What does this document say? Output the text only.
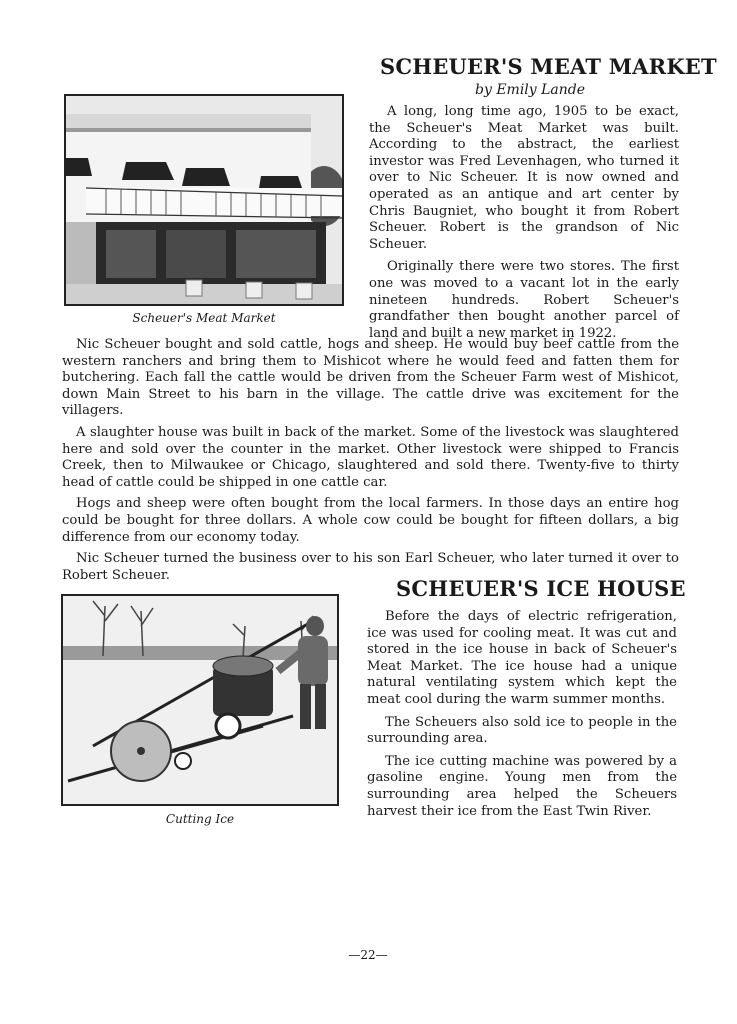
SCHEUER'S MEAT MARKET
by Emily Lande
Scheuer's Meat Market

A long, long time ago, 1905 to be exact, the Scheuer's Meat Market was built. According to the abstract, the earliest investor was Fred Levenhagen, who turned it over to Nic Scheuer. It is now owned and operated as an antique and art center by Chris Baugniet, who bought it from Robert Scheuer. Robert is the grandson of Nic Scheuer.

Originally there were two stores. The first one was moved to a vacant lot in the early nineteen hundreds. Robert Scheuer's grandfather then bought another parcel of land and built a new market in 1922.

Nic Scheuer bought and sold cattle, hogs and sheep. He would buy beef cattle from the western ranchers and bring them to Mishicot where he would feed and fatten them for butchering. Each fall the cattle would be driven from the Scheuer Farm west of Mishicot, down Main Street to his barn in the village. The cattle drive was excitement for the villagers.

A slaughter house was built in back of the market. Some of the livestock was slaughtered here and sold over the counter in the market. Other livestock were shipped to Francis Creek, then to Milwaukee or Chicago, slaughtered and sold there. Twenty-five to thirty head of cattle could be shipped in one cattle car.

Hogs and sheep were often bought from the local farmers. In those days an entire hog could be bought for three dollars. A whole cow could be bought for fifteen dollars, a big difference from our economy today.

Nic Scheuer turned the business over to his son Earl Scheuer, who later turned it over to Robert Scheuer.

SCHEUER'S ICE HOUSE
Cutting Ice

Before the days of electric refrigeration, ice was used for cooling meat. It was cut and stored in the ice house in back of Scheuer's Meat Market. The ice house had a unique natural ventilating system which kept the meat cool during the warm summer months.

The Scheuers also sold ice to people in the surrounding area.

The ice cutting machine was powered by a gasoline engine. Young men from the surrounding area helped the Scheuers harvest their ice from the East Twin River.

—22—
